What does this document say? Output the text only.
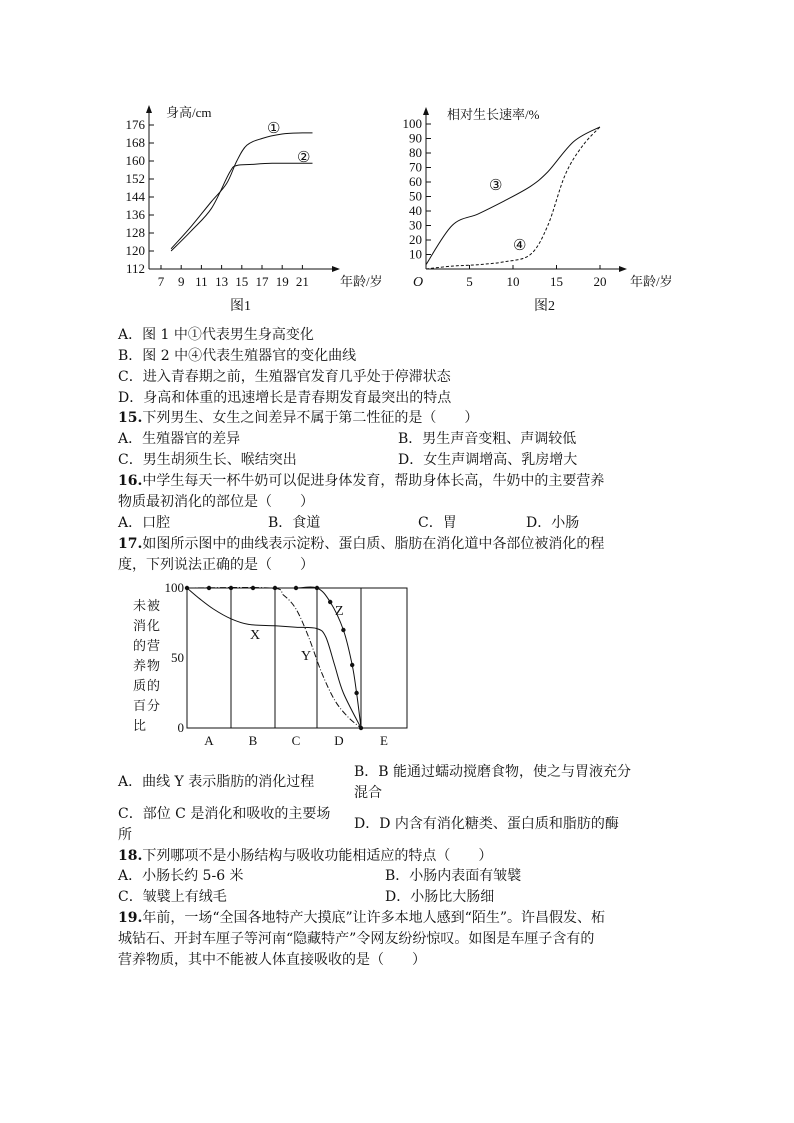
身高/cm
176
168
160
152
144
136
128
120
112
7 9 11 13 15 17 19 21
①
②
年龄/岁
图1
相对生长速率/%
O
100
90
80
70
60
50
40
30
20
10
5	10 15 20
③
④
年龄/岁
图2
A．图 1 中①代表男生身高变化
B．图 2 中④代表生殖器官的变化曲线
C．进入青春期之前，生殖器官发育几乎处于停滞状态
D．身高和体重的迅速增长是青春期发育最突出的特点
15.下列男生、女生之间差异不属于第二性征的是（　　）
A．生殖器官的差异	B．男生声音变粗、声调较低
C．男生胡须生长、喉结突出	D．女生声调增高、乳房增大
16.中学生每天一杯牛奶可以促进身体发育，帮助身体长高，牛奶中的主要营养
物质最初消化的部位是（　　）
A．口腔	B．食道	C．胃	D．小肠
17.如图所示图中的曲线表示淀粉、蛋白质、脂肪在消化道中各部位被消化的程
度，下列说法正确的是（　　）
未 被
消 化
的 营
养 物
质 的
百 分
比
100
50
0
X
Y
Z
A	B	C	D	E
A．曲线 Y 表示脂肪的消化过程
B．B 能通过蠕动搅磨食物，使之与胃液充分
混合
C．部位 C 是消化和吸收的主要场
所
D．D 内含有消化糖类、蛋白质和脂肪的酶
18.下列哪项不是小肠结构与吸收功能相适应的特点（　　）
A．小肠长约 5-6 米	B．小肠内表面有皱襞
C．皱襞上有绒毛	D．小肠比大肠细
19.年前，一场“全国各地特产大摸底”让许多本地人感到“陌生”。许昌假发、柘
城钻石、开封车厘子等河南“隐藏特产”令网友纷纷惊叹。如图是车厘子含有的
营养物质，其中不能被人体直接吸收的是（　　）
